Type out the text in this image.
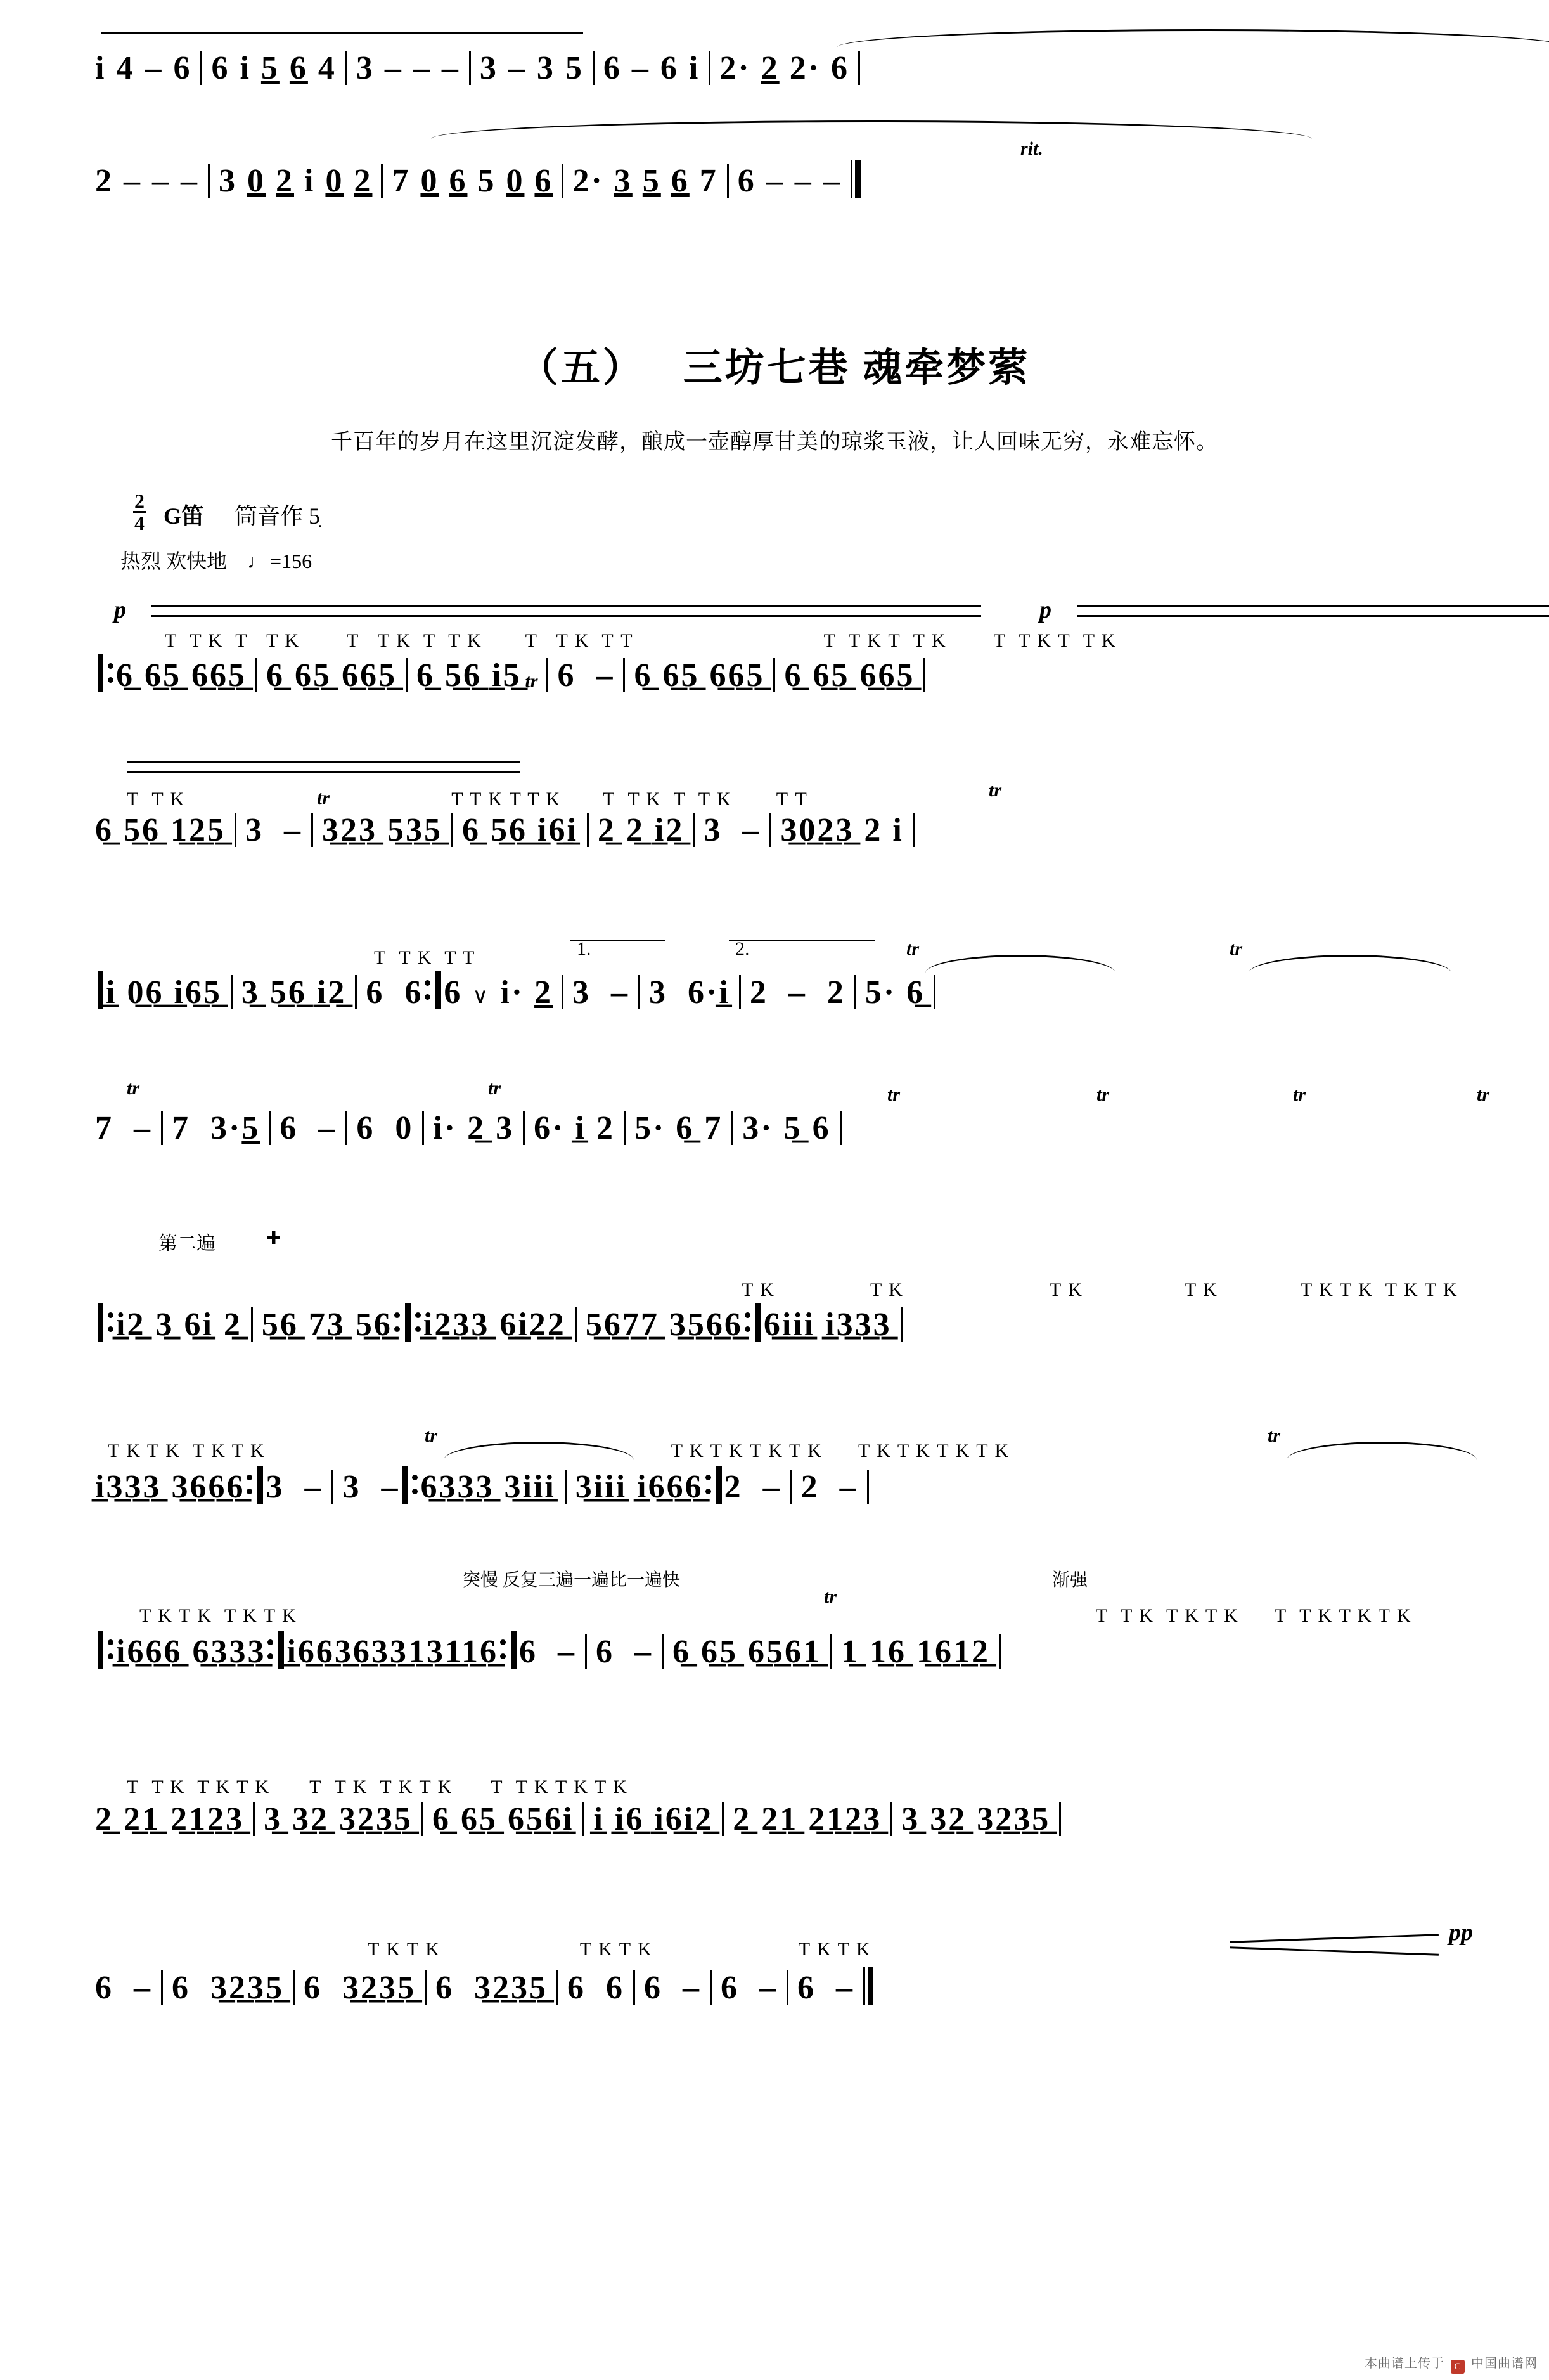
i 4 – 6 6 i 5 6 4 3 – – – 3 – 3 5 6 – 6 i 2· 2 2· 6
rit.
2 – – – 3 0 2 i 0 2 7 0 6 5 0 6 2· 3 5 6 7 6 – – –
（五） 三坊七巷 魂牵梦萦
千百年的岁月在这里沉淀发酵，酿成一壶醇厚甘美的琼浆玉液，让人回味无穷，永难忘怀。
$\frac{2}{4}$ G笛 筒音作 5̣
热烈 欢快地 ♩ =156
p	p
T  T K  T   T K T   T K  T  T K T   T K  T T	T  T K T  T K T  T K T  T K
6̲ 6̲5̲ 6̲6̲5̲ 6̲ 6̲5̲ 6̲6̲5̲ 6̲ 5̲6̲ i̲5̲ tr 6  – 6̲ 6̲5̲ 6̲6̲5̲ 6̲ 6̲5̲ 6̲6̲5̲
T  T K	T T K T T K T  T K  T  T K T T
6̲ 5̲6̲ 1̲2̲5̲ 3  – 3̲2̲3̲ 5̲3̲5̲ 6̲ 5̲6̲ i̲6̲i̲ 2̲ 2̲ i̲2̲ 3  – 3̲0̲2̲3̲ 2 i
tr	tr
T  T K  T T	1.	2.
i̲ 0̲6̲ i̲6̲5̲ 3̲ 5̲6̲ i̲2̲ 6  6 6 ∨ i· 2 3  – 3  6·i̲ 2  –  2 5· 6̲
tr	tr
tr
7  – 7  3·5 6  – 6  0 i· 2̲ 3 6· i̲ 2 5· 6̲ 7 3· 5̲ 6
tr	tr	tr	tr	tr
第二遍	✚
T K	T K	T K	T K	T K T K  T K T K
i̲2̲ 3̲ 6̲i̲ 2̲ 5̲6̲ 7̲3̲ 5̲6̲ i̲2̲3̲3̲ 6̲i̲2̲2̲ 5̲6̲7̲7̲ 3̲5̲6̲6̲ 6̲i̲i̲i̲ i̲3̲3̲3̲
T K T K  T K T K	T K T K T K T K T K T K T K T K
i̲3̲3̲3̲ 3̲6̲6̲6̲ 3  – 3  – 6̲3̲3̲3̲ 3̲i̲i̲i̲ 3̲i̲i̲i̲ i̲6̲6̲6̲ 2  – 2  –
tr	tr
突慢 反复三遍一遍比一遍快	渐强
T K T K  T K T K	T  T K  T K T K T  T K T K T K
i̲6̲6̲6̲ 6̲3̲3̲3̲ i̲6̲6̲3̲6̲3̲3̲1̲3̲1̲1̲6̲ 6  – 6  – 6̲ 6̲5̲ 6̲5̲6̲1̲ 1̲ 1̲6̲ 1̲6̲1̲2̲
tr
T  T K  T K T K T  T K  T K T K T  T K T K T K
2̲ 2̲1̲ 2̲1̲2̲3̲ 3̲ 3̲2̲ 3̲2̲3̲5̲ 6̲ 6̲5̲ 6̲5̲6̲i̲ i̲ i̲6̲ i̲6̲i̲2̲ 2̲ 2̲1̲ 2̲1̲2̲3̲ 3̲ 3̲2̲ 3̲2̲3̲5̲
T K T K	T K T K	T K T K
pp
6  – 6  3̲2̲3̲5̲ 6  3̲2̲3̲5̲ 6  3̲2̲3̲5̲ 6  6 6  – 6  – 6  –
本曲谱上传于 C 中国曲谱网
